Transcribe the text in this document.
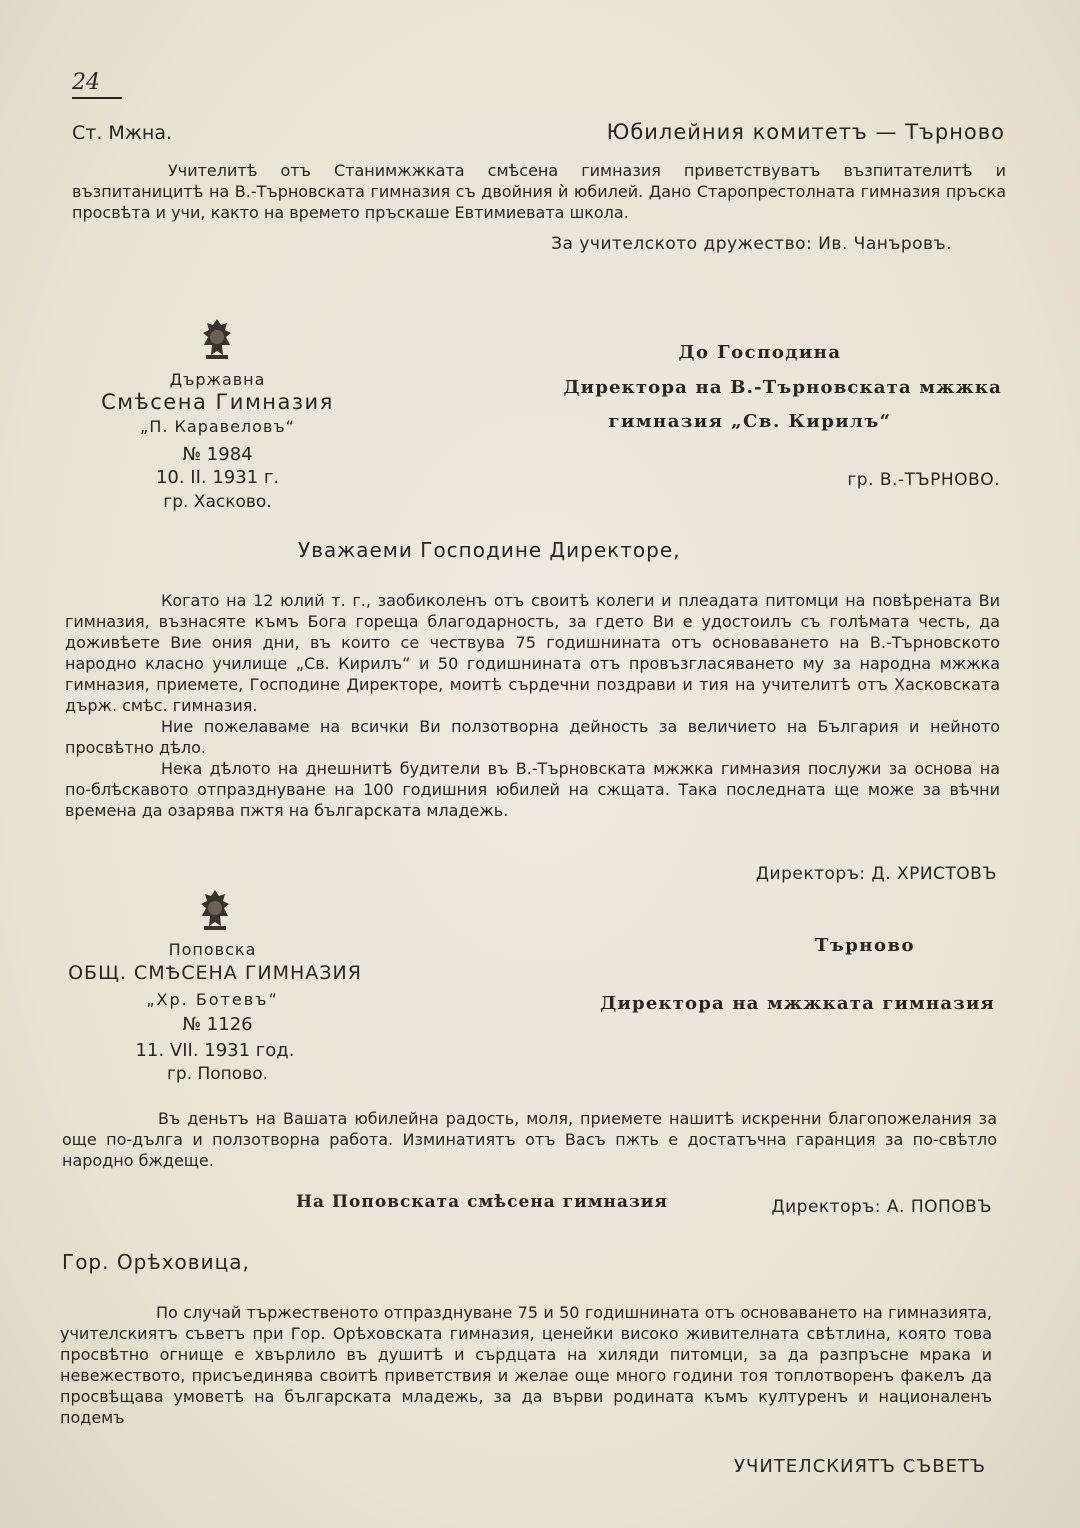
24
Ст. Мжна.	Юбилейния комитетъ — Търново

Учителитѣ отъ Станимжжката смѣсена гимназия приветствуватъ възпитателитѣ и възпитаницитѣ на В.-Търновската гимназия съ двойния ѝ юбилей. Дано Старопрестолната гимназия пръска просвѣта и учи, както на времето пръскаше Евтимиевата школа.

За учителското дружество: Ив. Чанъровъ.
Държавна
Смѣсена Гимназия
„П. Каравеловъ“
№ 1984
10. II. 1931 г.
гр. Хасково.
До Господина
Директора на В.-Търновската мжжка
гимназия „Св. Кирилъ“
гр. В.-ТЪРНОВО.
Уважаеми Господине Директоре,

Когато на 12 юлий т. г., заобиколенъ отъ своитѣ колеги и плеадата питомци на повѣрената Ви гимназия, възнасяте къмъ Бога гореща благодарность, за гдето Ви е удостоилъ съ голѣмата честь, да доживѣете Вие ония дни, въ които се чествува 75 годишнината отъ основаването на В.-Търновското народно класно училище „Св. Кирилъ“ и 50 годишнината отъ провъзгласяването му за народна мжжка гимназия, приемете, Господине Директоре, моитѣ сърдечни поздрави и тия на учителитѣ отъ Хасковската държ. смѣс. гимназия.

Ние пожелаваме на всички Ви ползотворна дейность за величието на България и нейното просвѣтно дѣло.

Нека дѣлото на днешнитѣ будители въ В.-Търновската мжжка гимназия послужи за основа на по-блѣскавото отпразднуване на 100 годишния юбилей на сжщата. Така последната ще може за вѣчни времена да озарява пжтя на българската младежь.

Директоръ: Д. ХРИСТОВЪ
Поповска
ОБЩ. СМѢСЕНА ГИМНАЗИЯ
„Хр. Ботевъ“
№ 1126
11. VII. 1931 год.
гр. Попово.
Търново
Директора на мжжката гимназия

Въ деньтъ на Вашата юбилейна радость, моля, приемете нашитѣ искренни благопожелания за още по-дълга и ползотворна работа. Изминатиятъ отъ Васъ пжть е достатъчна гаранция за по-свѣтло народно бждеще.

На Поповската смѣсена гимназия	Директоръ: А. ПОПОВЪ
Гор. Орѣховица,

По случай тържественото отпразднуване 75 и 50 годишнината отъ основаването на гимназията, учителскиятъ съветъ при Гор. Орѣховската гимназия, ценейки високо живителната свѣтлина, която това просвѣтно огнище е хвърлило въ душитѣ и сърдцата на хиляди питомци, за да разпръсне мрака и невежеството, присъединява своитѣ приветствия и желае още много години тоя топлотворенъ факелъ да просвѣщава умоветѣ на българската младежь, за да върви родината къмъ културенъ и националенъ подемъ

УЧИТЕЛСКИЯТЪ СЪВЕТЪ
